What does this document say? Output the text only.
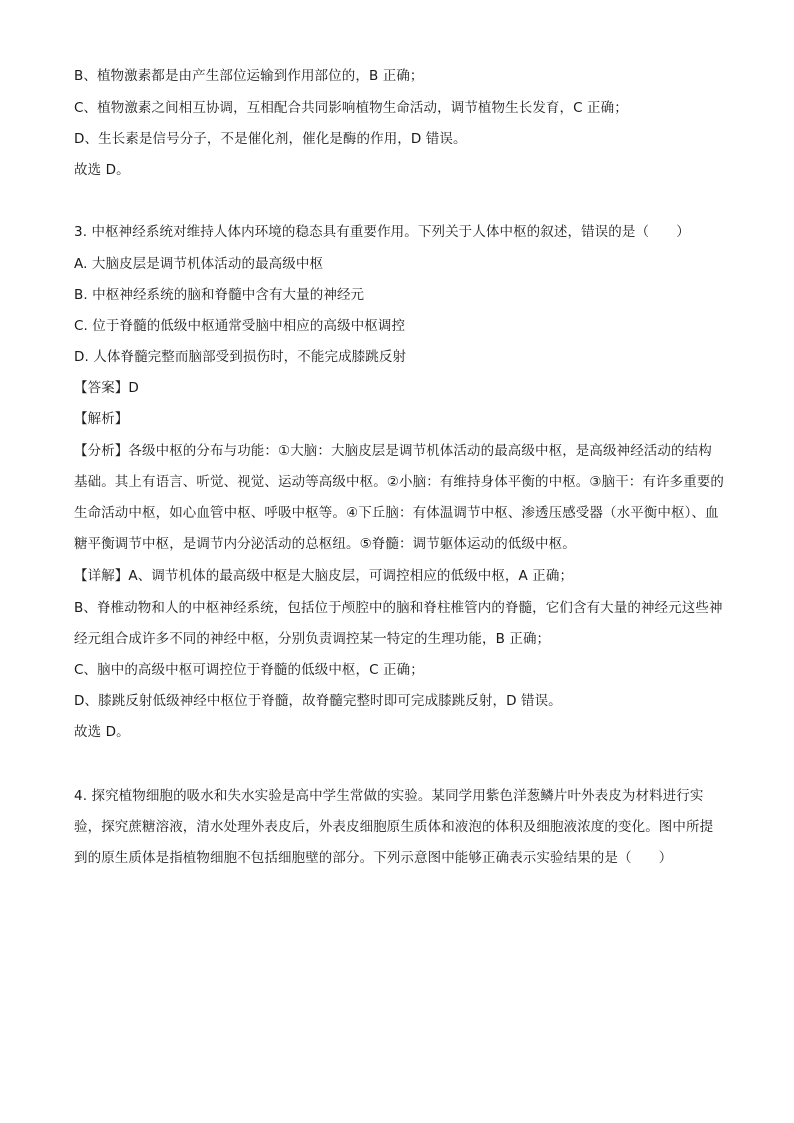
B、植物激素都是由产生部位运输到作用部位的，B 正确；
C、植物激素之间相互协调，互相配合共同影响植物生命活动，调节植物生长发育，C 正确；
D、生长素是信号分子，不是催化剂，催化是酶的作用，D 错误。
故选 D。
3. 中枢神经系统对维持人体内环境的稳态具有重要作用。下列关于人体中枢的叙述，错误的是（　　）
A. 大脑皮层是调节机体活动的最高级中枢
B. 中枢神经系统的脑和脊髓中含有大量的神经元
C. 位于脊髓的低级中枢通常受脑中相应的高级中枢调控
D. 人体脊髓完整而脑部受到损伤时，不能完成膝跳反射
【答案】D
【解析】
【分析】各级中枢的分布与功能：①大脑：大脑皮层是调节机体活动的最高级中枢，是高级神经活动的结构基础。其上有语言、听觉、视觉、运动等高级中枢。②小脑：有维持身体平衡的中枢。③脑干：有许多重要的生命活动中枢，如心血管中枢、呼吸中枢等。④下丘脑：有体温调节中枢、渗透压感受器（水平衡中枢）、血糖平衡调节中枢，是调节内分泌活动的总枢纽。⑤脊髓：调节躯体运动的低级中枢。
【详解】A、调节机体的最高级中枢是大脑皮层，可调控相应的低级中枢，A 正确；
B、脊椎动物和人的中枢神经系统，包括位于颅腔中的脑和脊柱椎管内的脊髓，它们含有大量的神经元这些神经元组合成许多不同的神经中枢，分别负责调控某一特定的生理功能，B 正确；
C、脑中的高级中枢可调控位于脊髓的低级中枢，C 正确；
D、膝跳反射低级神经中枢位于脊髓，故脊髓完整时即可完成膝跳反射，D 错误。
故选 D。
4. 探究植物细胞的吸水和失水实验是高中学生常做的实验。某同学用紫色洋葱鳞片叶外表皮为材料进行实验，探究蔗糖溶液，清水处理外表皮后，外表皮细胞原生质体和液泡的体积及细胞液浓度的变化。图中所提到的原生质体是指植物细胞不包括细胞壁的部分。下列示意图中能够正确表示实验结果的是（　　）
